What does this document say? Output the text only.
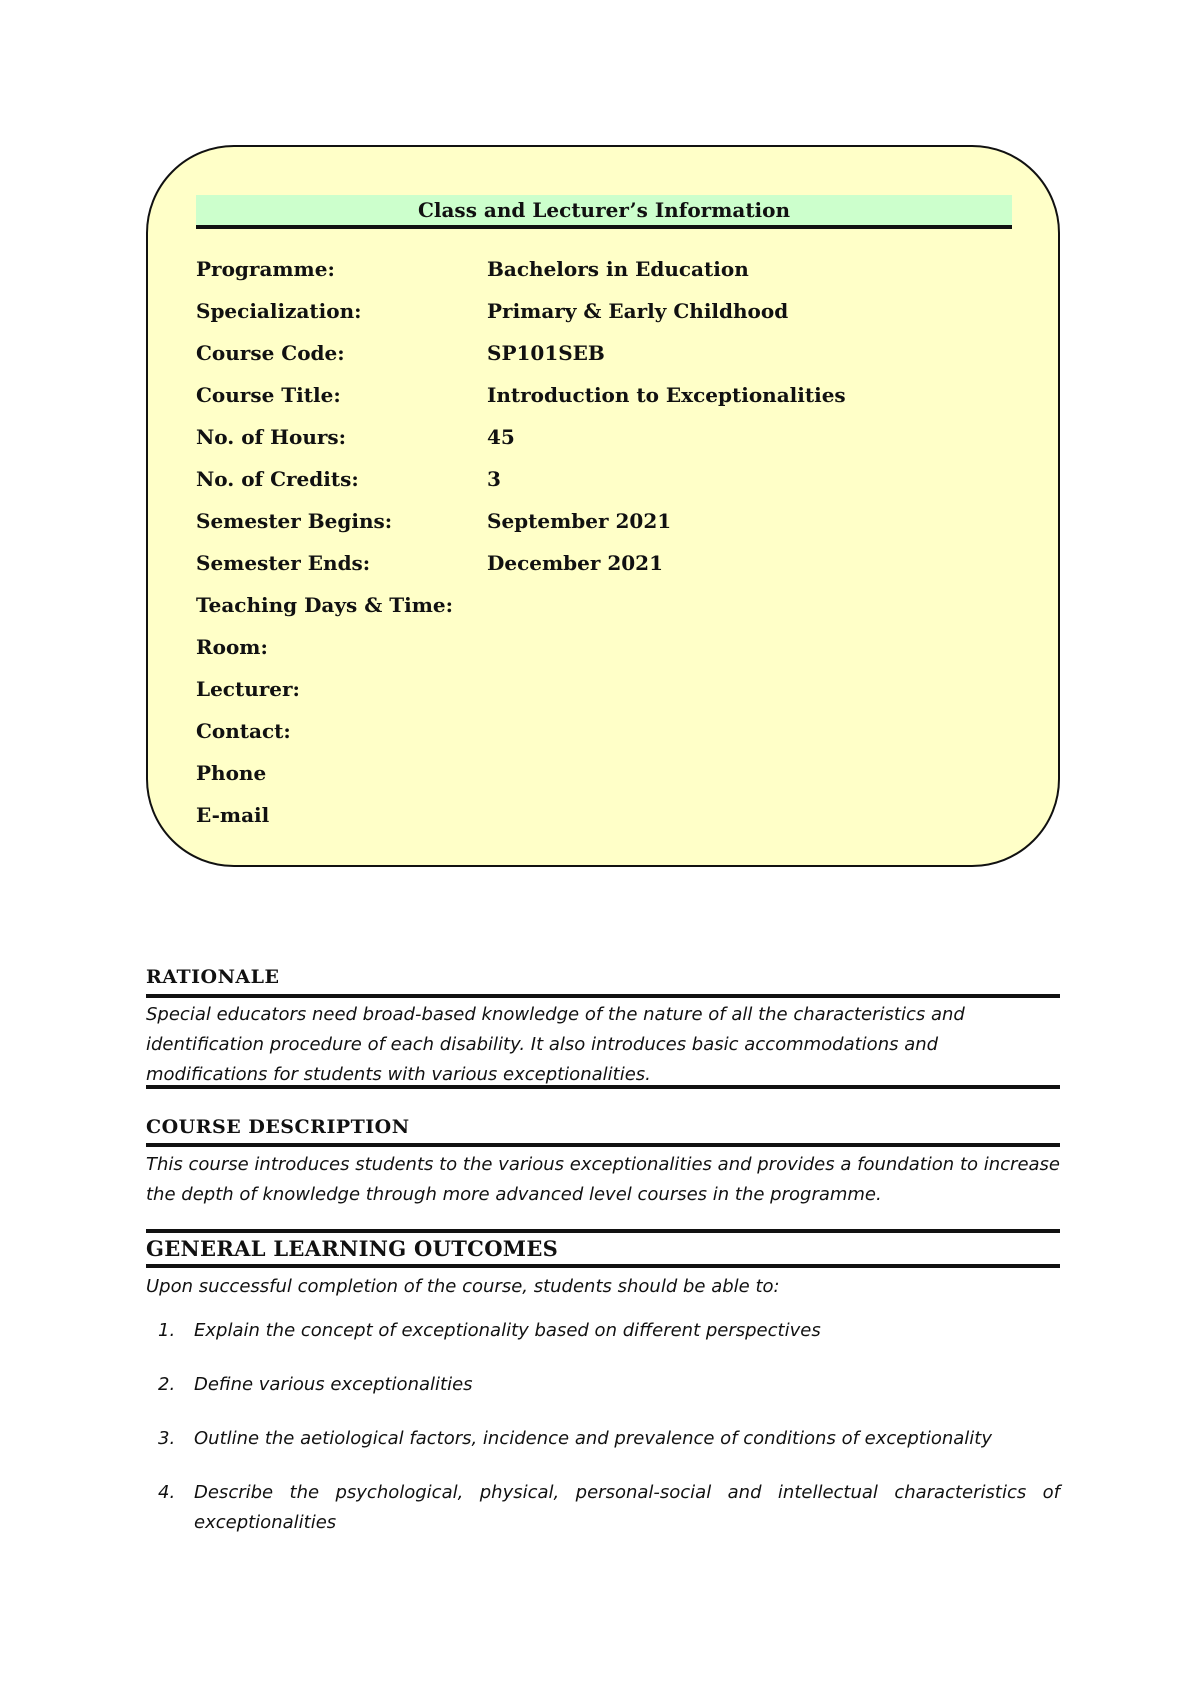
Class and Lecturer’s Information
Programme:	Bachelors in Education
Specialization:	Primary & Early Childhood
Course Code:	SP101SEB
Course Title:	Introduction to Exceptionalities
No. of Hours:	45
No. of Credits:	3
Semester Begins:	September 2021
Semester Ends:	December 2021
Teaching Days & Time:
Room:
Lecturer:
Contact:
Phone
E-mail
RATIONALE
Special educators need broad-based knowledge of the nature of all the characteristics and identification procedure of each disability. It also introduces basic accommodations and modifications for students with various exceptionalities.
COURSE DESCRIPTION
This course introduces students to the various exceptionalities and provides a foundation to increase the depth of knowledge through more advanced level courses in the programme.
GENERAL LEARNING OUTCOMES
Upon successful completion of the course, students should be able to:
1. Explain the concept of exceptionality based on different perspectives
2. Define various exceptionalities
3. Outline the aetiological factors, incidence and prevalence of conditions of exceptionality
4. Describe the psychological, physical, personal-social and intellectual characteristics of exceptionalities
